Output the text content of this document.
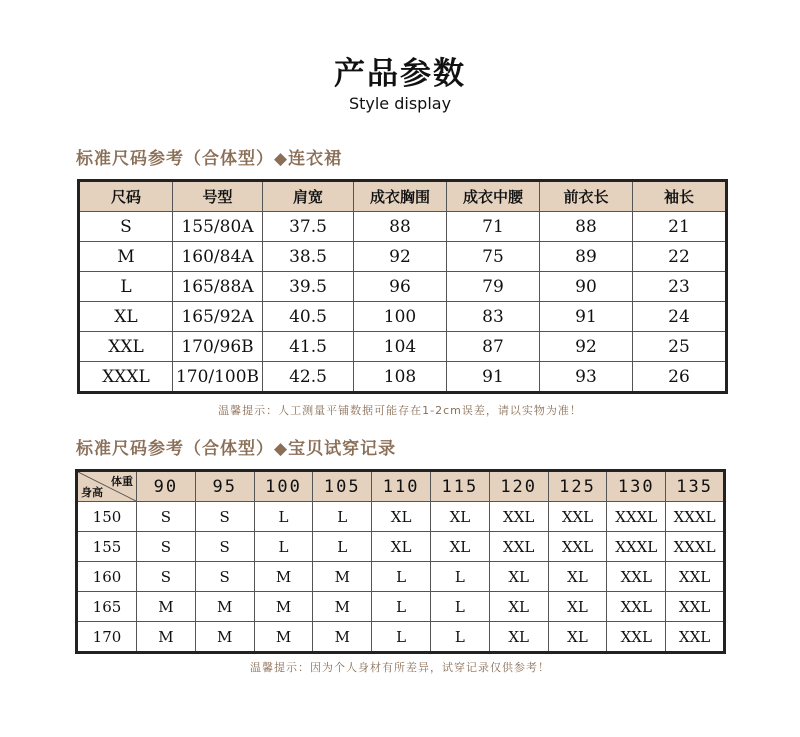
产品参数
Style display
标准尺码参考（合体型）◆连衣裙
尺码	号型	肩宽	成衣胸围	成衣中腰	前衣长	袖长
S	155/80A	37.5	88	71	88	21
M	160/84A	38.5	92	75	89	22
L	165/88A	39.5	96	79	90	23
XL	165/92A	40.5	100	83	91	24
XXL	170/96B	41.5	104	87	92	25
XXXL	170/100B	42.5	108	91	93	26
温馨提示：人工测量平铺数据可能存在1-2cm误差，请以实物为准！
标准尺码参考（合体型）◆宝贝试穿记录
体重
身高	90	95	100	105	110	115	120	125	130	135
150	S	S	L	L	XL	XL	XXL	XXL	XXXL	XXXL
155	S	S	L	L	XL	XL	XXL	XXL	XXXL	XXXL
160	S	S	M	M	L	L	XL	XL	XXL	XXL
165	M	M	M	M	L	L	XL	XL	XXL	XXL
170	M	M	M	M	L	L	XL	XL	XXL	XXL
温馨提示：因为个人身材有所差异，试穿记录仅供参考！
